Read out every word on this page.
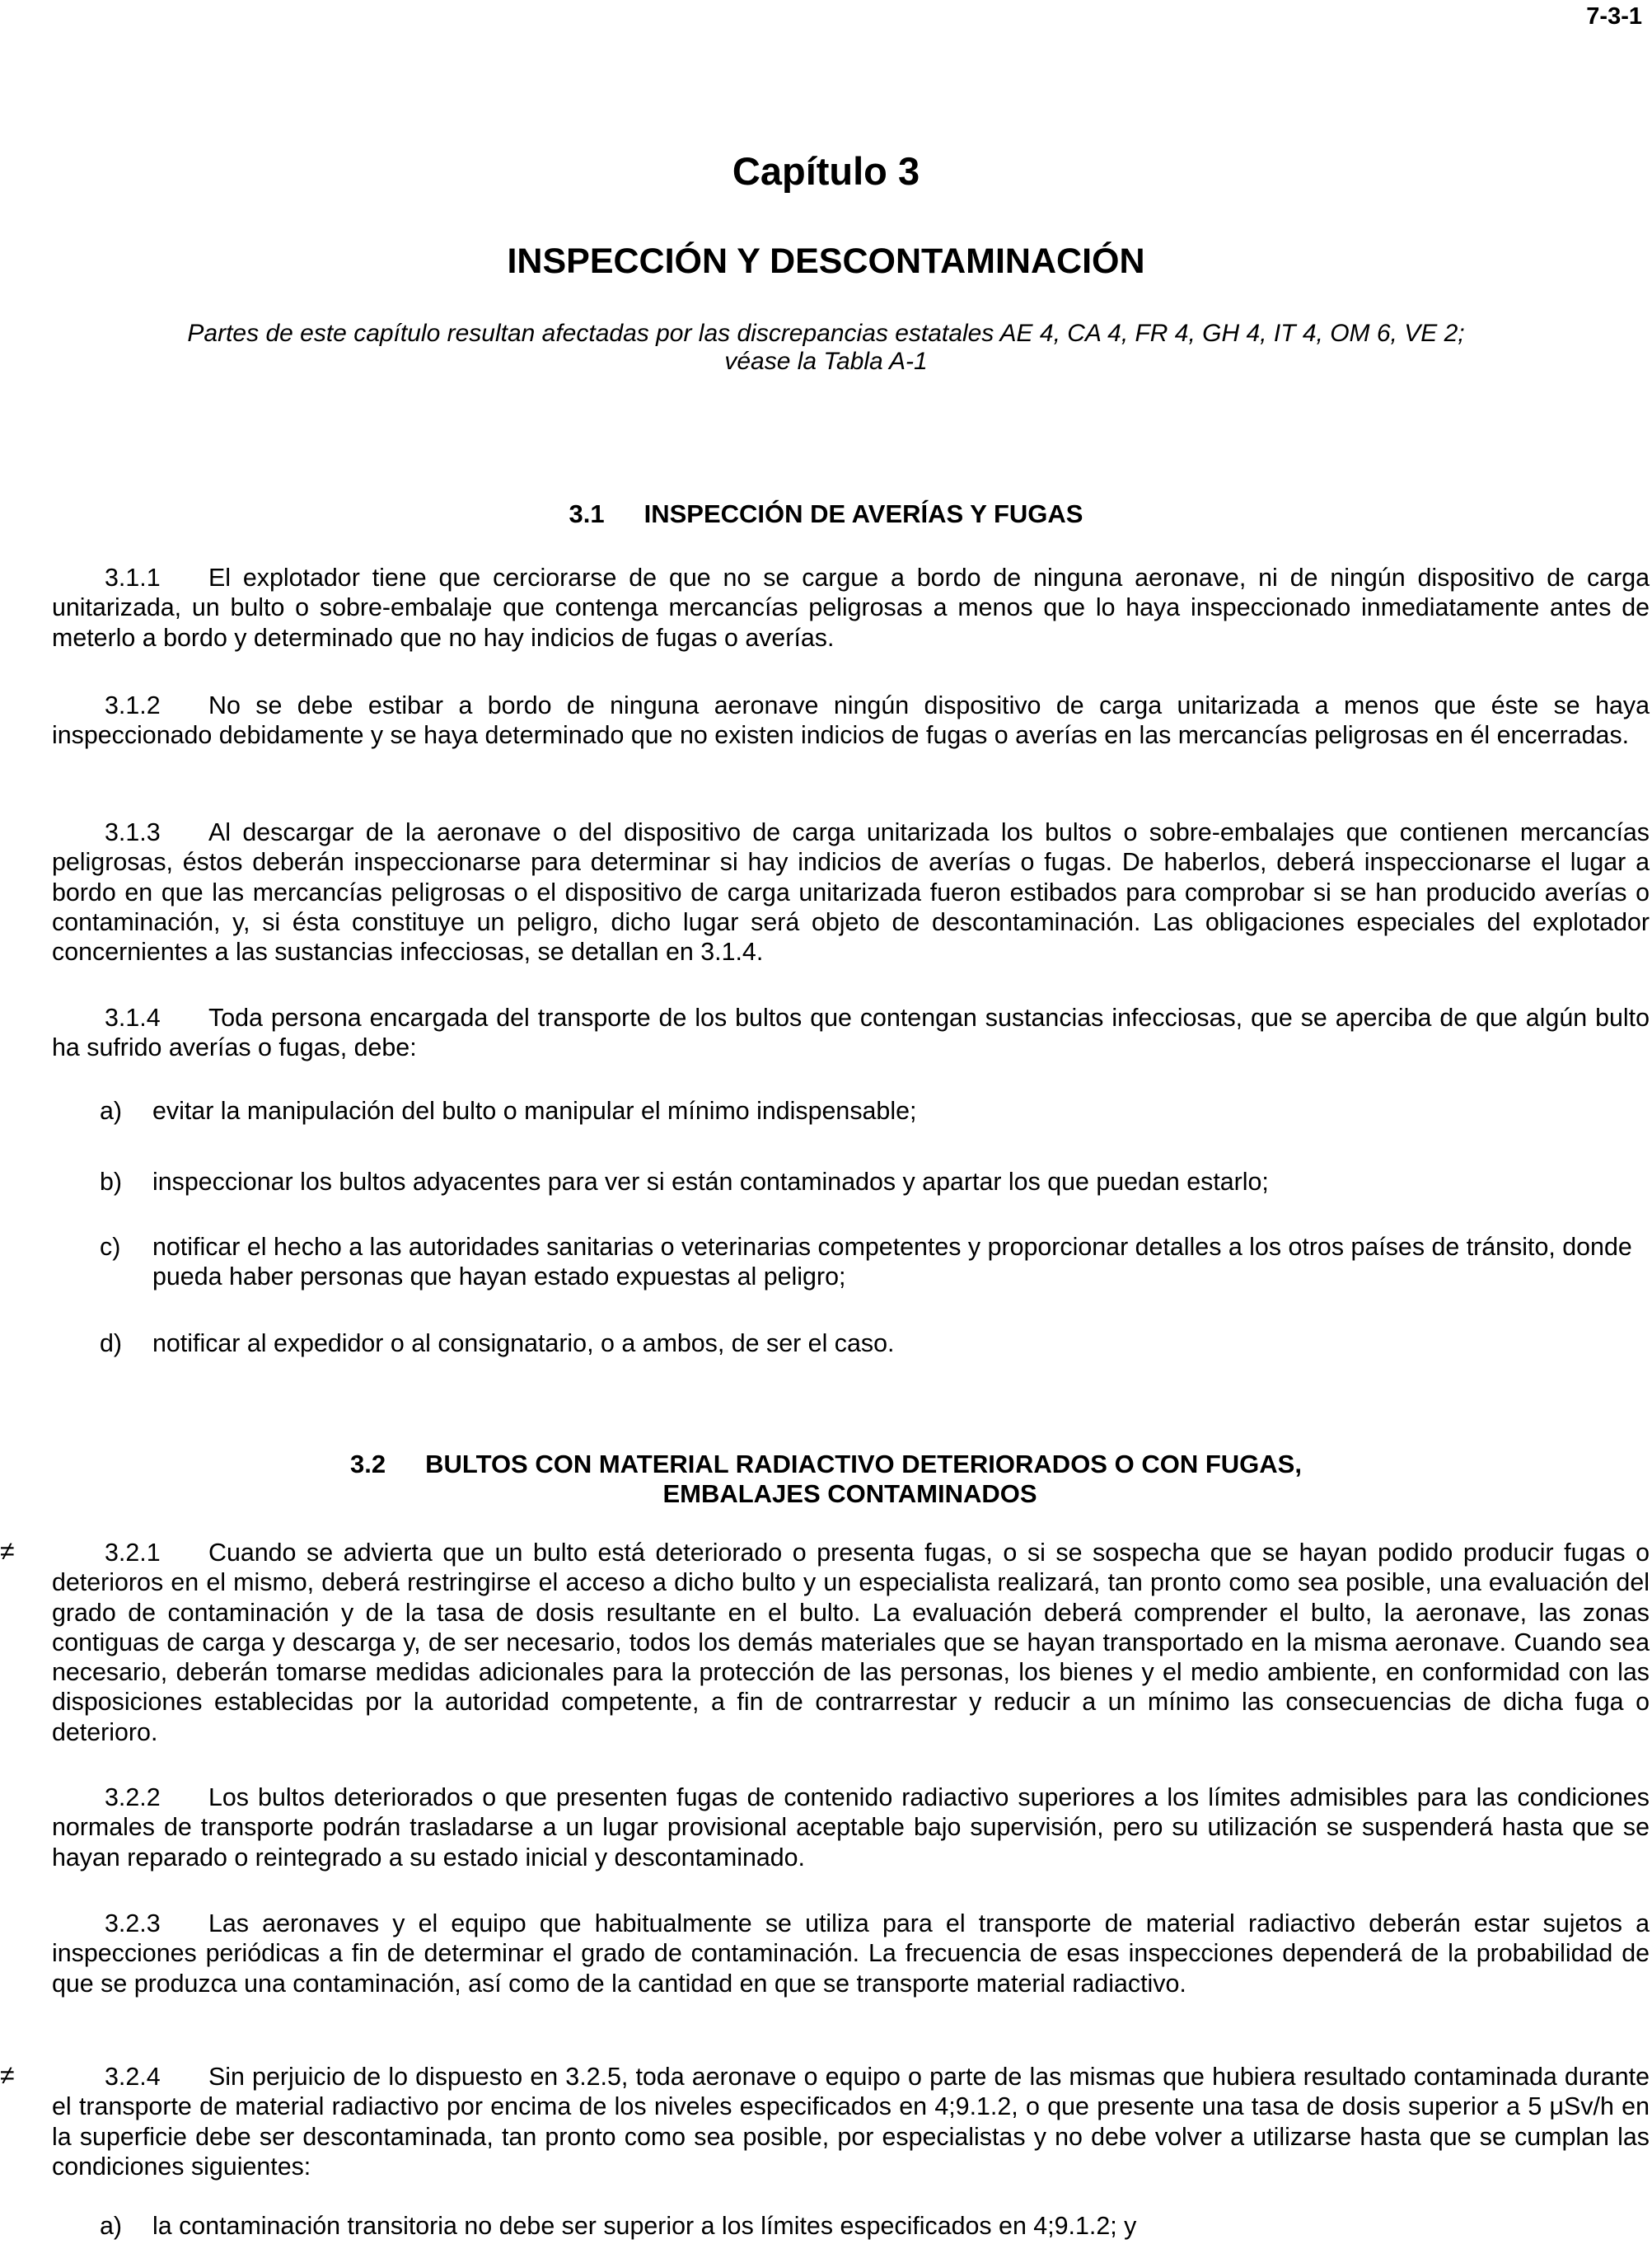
7-3-1
Capítulo 3
INSPECCIÓN Y DESCONTAMINACIÓN
Partes de este capítulo resultan afectadas por las discrepancias estatales AE 4, CA 4, FR 4, GH 4, IT 4, OM 6, VE 2;
véase la Tabla A-1
3.1 INSPECCIÓN DE AVERÍAS Y FUGAS

3.1.1 El explotador tiene que cerciorarse de que no se cargue a bordo de ninguna aeronave, ni de ningún dispositivo de carga unitarizada, un bulto o sobre-embalaje que contenga mercancías peligrosas a menos que lo haya inspeccionado inmediatamente antes de meterlo a bordo y determinado que no hay indicios de fugas o averías.

3.1.2 No se debe estibar a bordo de ninguna aeronave ningún dispositivo de carga unitarizada a menos que éste se haya inspeccionado debidamente y se haya determinado que no existen indicios de fugas o averías en las mercancías peligrosas en él encerradas.

3.1.3 Al descargar de la aeronave o del dispositivo de carga unitarizada los bultos o sobre-embalajes que contienen mercancías peligrosas, éstos deberán inspeccionarse para determinar si hay indicios de averías o fugas. De haberlos, deberá inspeccionarse el lugar a bordo en que las mercancías peligrosas o el dispositivo de carga unitarizada fueron estibados para comprobar si se han producido averías o contaminación, y, si ésta constituye un peligro, dicho lugar será objeto de descontaminación. Las obligaciones especiales del explotador concernientes a las sustancias infecciosas, se detallan en 3.1.4.

3.1.4 Toda persona encargada del transporte de los bultos que contengan sustancias infecciosas, que se aperciba de que algún bulto ha sufrido averías o fugas, debe:

a) evitar la manipulación del bulto o manipular el mínimo indispensable;
b) inspeccionar los bultos adyacentes para ver si están contaminados y apartar los que puedan estarlo;
c) notificar el hecho a las autoridades sanitarias o veterinarias competentes y proporcionar detalles a los otros países de tránsito, donde pueda haber personas que hayan estado expuestas al peligro;
d) notificar al expedidor o al consignatario, o a ambos, de ser el caso.
3.2 BULTOS CON MATERIAL RADIACTIVO DETERIORADOS O CON FUGAS,
EMBALAJES CONTAMINADOS
≠	3.2.1 Cuando se advierta que un bulto está deteriorado o presenta fugas, o si se sospecha que se hayan podido producir fugas o deterioros en el mismo, deberá restringirse el acceso a dicho bulto y un especialista realizará, tan pronto como sea posible, una evaluación del grado de contaminación y de la tasa de dosis resultante en el bulto. La evaluación deberá comprender el bulto, la aeronave, las zonas contiguas de carga y descarga y, de ser necesario, todos los demás materiales que se hayan transportado en la misma aeronave. Cuando sea necesario, deberán tomarse medidas adicionales para la protección de las personas, los bienes y el medio ambiente, en conformidad con las disposiciones establecidas por la autoridad competente, a fin de contrarrestar y reducir a un mínimo las consecuencias de dicha fuga o deterioro.

3.2.2 Los bultos deteriorados o que presenten fugas de contenido radiactivo superiores a los límites admisibles para las condiciones normales de transporte podrán trasladarse a un lugar provisional aceptable bajo supervisión, pero su utilización se suspenderá hasta que se hayan reparado o reintegrado a su estado inicial y descontaminado.

3.2.3 Las aeronaves y el equipo que habitualmente se utiliza para el transporte de material radiactivo deberán estar sujetos a inspecciones periódicas a fin de determinar el grado de contaminación. La frecuencia de esas inspecciones dependerá de la probabilidad de que se produzca una contaminación, así como de la cantidad en que se transporte material radiactivo.

≠	3.2.4 Sin perjuicio de lo dispuesto en 3.2.5, toda aeronave o equipo o parte de las mismas que hubiera resultado contaminada durante el transporte de material radiactivo por encima de los niveles especificados en 4;9.1.2, o que presente una tasa de dosis superior a 5 μSv/h en la superficie debe ser descontaminada, tan pronto como sea posible, por especialistas y no debe volver a utilizarse hasta que se cumplan las condiciones siguientes:

a) la contaminación transitoria no debe ser superior a los límites especificados en 4;9.1.2; y
